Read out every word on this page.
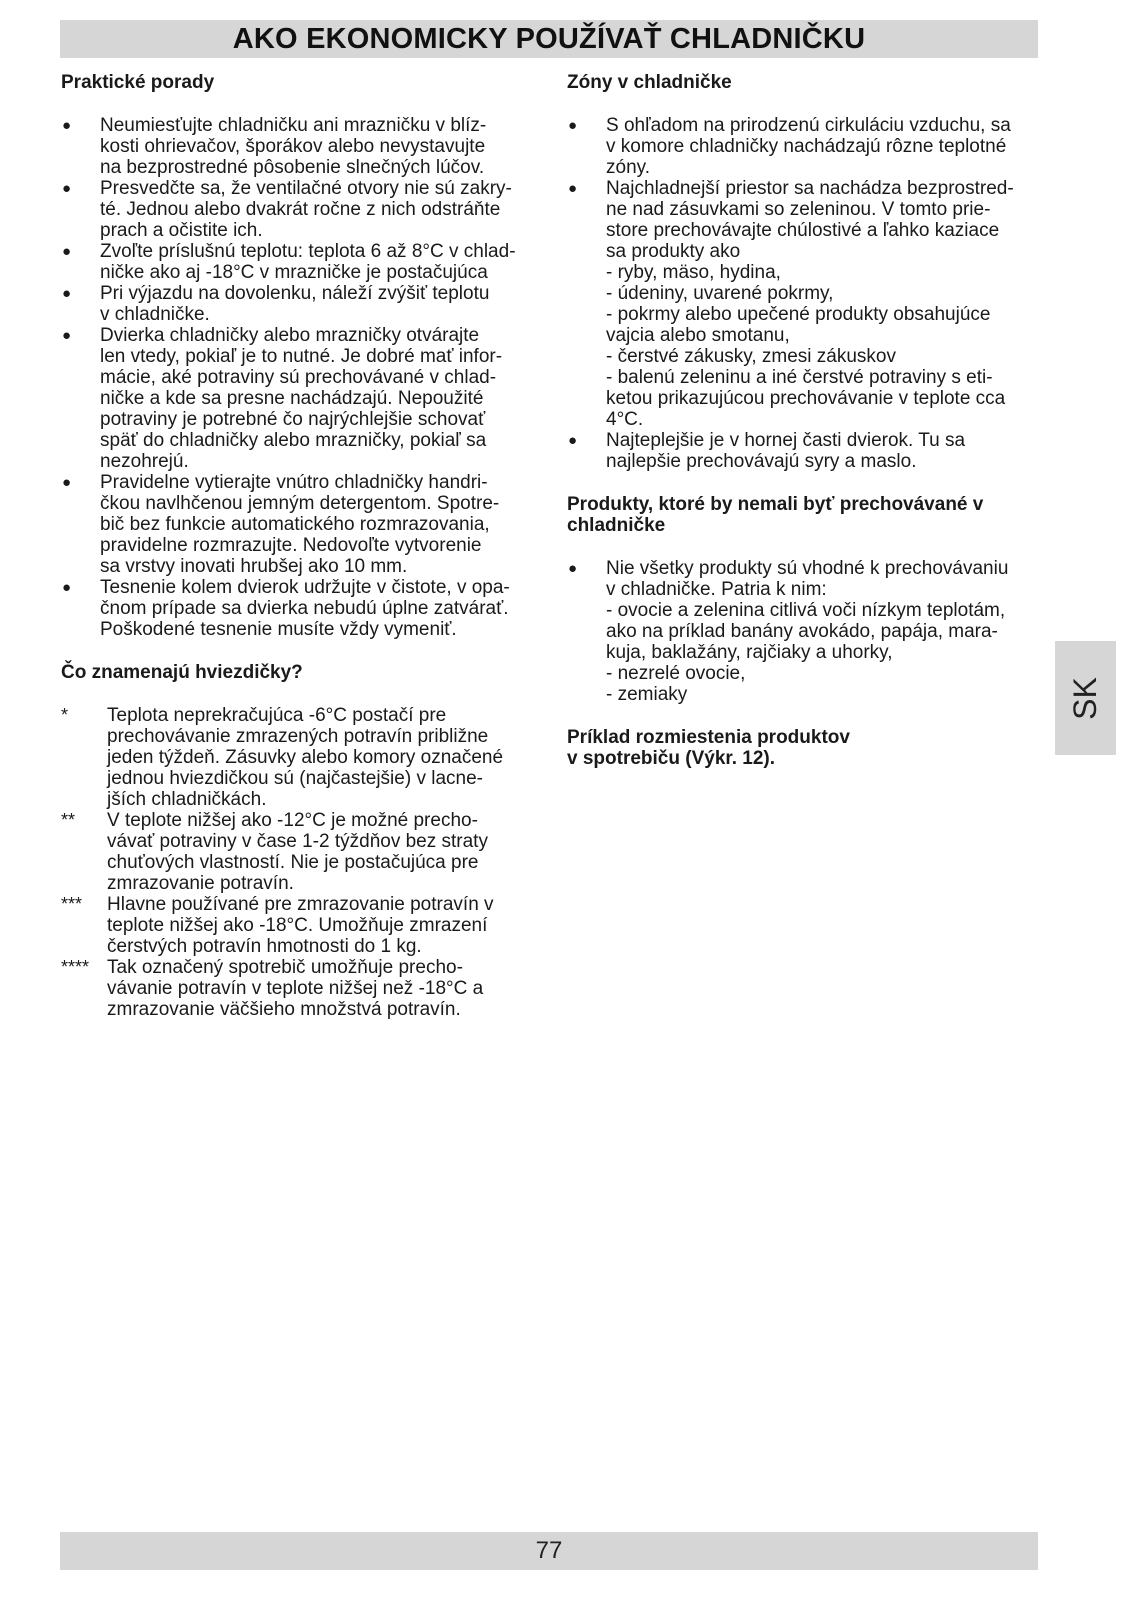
AKO EKONOMICKY POUŽÍVAŤ CHLADNIČKU

Praktické porady

●	Neumiesťujte chladničku ani mrazničku v blíz-
kosti ohrievačov, šporákov alebo nevystavujte
na bezprostredné pôsobenie slnečných lúčov.
●	Presvedčte sa, že ventilačné otvory nie sú zakry-
té. Jednou alebo dvakrát ročne z nich odstráňte
prach a očistite ich.
●	Zvoľte príslušnú teplotu: teplota 6 až 8°C v chlad-
ničke ako aj -18°C v mrazničke je postačujúca
●	Pri výjazdu na dovolenku, náleží zvýšiť teplotu
v chladničke.
●	Dvierka chladničky alebo mrazničky otvárajte
len vtedy, pokiaľ je to nutné. Je dobré mať infor-
mácie, aké potraviny sú prechovávané v chlad-
ničke a kde sa presne nachádzajú. Nepoužité
potraviny je potrebné čo najrýchlejšie schovať
späť do chladničky alebo mrazničky, pokiaľ sa
nezohrejú.
●	Pravidelne vytierajte vnútro chladničky handri-
čkou navlhčenou jemným detergentom. Spotre-
bič bez funkcie automatického rozmrazovania,
pravidelne rozmrazujte. Nedovoľte vytvorenie
sa vrstvy inovati hrubšej ako 10 mm.
●	Tesnenie kolem dvierok udržujte v čistote, v opa-
čnom prípade sa dvierka nebudú úplne zatvárať.
Poškodené tesnenie musíte vždy vymeniť.

Čo znamenajú hviezdičky?

*	Teplota neprekračujúca -6°C postačí pre
prechovávanie zmrazených potravín približne
jeden týždeň. Zásuvky alebo komory označené
jednou hviezdičkou sú (najčastejšie) v lacne-
jších chladničkách.
**	V teplote nižšej ako -12°C je možné precho-
vávať potraviny v čase 1-2 týždňov bez straty
chuťových vlastností. Nie je postačujúca pre
zmrazovanie potravín.
***	Hlavne používané pre zmrazovanie potravín v
teplote nižšej ako -18°C. Umožňuje zmrazení
čerstvých potravín hmotnosti do 1 kg.
**** Tak označený spotrebič umožňuje precho-
vávanie potravín v teplote nižšej než -18°C a
zmrazovanie väčšieho množstvá potravín.

Zóny v chladničke

●	S ohľadom na prirodzenú cirkuláciu vzduchu, sa
v komore chladničky nachádzajú rôzne teplotné
zóny.
●	Najchladnejší priestor sa nachádza bezprostred-
ne nad zásuvkami so zeleninou. V tomto prie-
store prechovávajte chúlostivé a ľahko kaziace
sa produkty ako
- ryby, mäso, hydina,
- údeniny, uvarené pokrmy,
- pokrmy alebo upečené produkty obsahujúce
vajcia alebo smotanu,
- čerstvé zákusky, zmesi zákuskov
- balenú zeleninu a iné čerstvé potraviny s eti-
ketou prikazujúcou prechovávanie v teplote cca
4°C.
●	Najteplejšie je v hornej časti dvierok. Tu sa
najlepšie prechovávajú syry a maslo.

Produkty, ktoré by nemali byť prechovávané v
chladničke

●	Nie všetky produkty sú vhodné k prechovávaniu
v chladničke. Patria k nim:
- ovocie a zelenina citlivá voči nízkym teplotám,
ako na príklad banány avokádo, papája, mara-
kuja, baklažány, rajčiaky a uhorky,
- nezrelé ovocie,
- zemiaky

Príklad rozmiestenia produktov
v spotrebiču (Výkr. 12).

SK
77
